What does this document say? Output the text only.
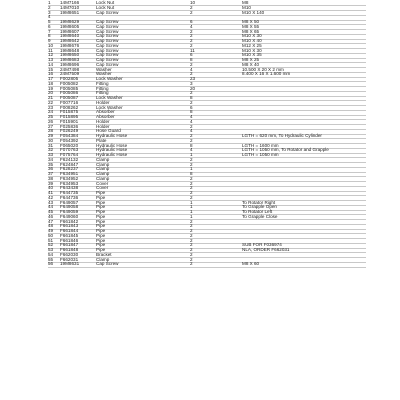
1 14M7166	Lock Nut	10	M8
2 14M7010	Lock Nut	2	M10
3 19M8651	Cap Screw	2	M10 X 140
4
5 19M8629	Cap Screw	6	M8 X 50
6 19M8605	Cap Screw	4	M8 X 55
7 19M8607	Cap Screw	2	M8 X 65
8 19M8640	Cap Screw	2	M10 X 30
9 19M8642	Cap Screw	2	M10 X 40
10 19M8676	Cap Screw	2	M12 X 25
11 19M8648	Cap Screw	11	M10 X 30
12 19M8650	Cap Screw	6	M10 X 35
13 19M8683	Cap Screw	8	M8 X 25
14 19M8696	Cap Screw	2	M8 X 40
15 24M7498	Washer	4	10.500 X 20 X 2 mm
16 24M7509	Washer	2	8.400 X 16 X 1.600 mm
17 F002805	Lock Washer	23
18 F005082	Fitting	3
19 F005085	Fitting	20
20 F005086	Fitting	2
21 F005087	Lock Washer	8
22 F007716	Holder	2
23 F008262	Lock Washer	6
24 F015875	Absorber	8
25 F015895	Absorber	4
26 F015901	Holder	4
27 F025836	Holder	2
28 F026249	Hose Guard	4
29 F054384	Hydraulic Hose	2	LGTH = 620 mm, To Hydraulic Cylinder
30 F054392	Plate	2
31 F065020	Hydraulic Hose	8	LGTH = 1600 mm
32 F070763	Hydraulic Hose	4	LGTH = 1050 mm, To Rotator and Grapple
33 F075764	Hydraulic Hose	1	LGTH = 1050 mm
34 F624132	Clamp	2
35 F624847	Clamp	2
36 F628237	Clamp	1
37 F634951	Clamp	8
38 F634952	Clamp	2
39 F634953	Cover	2
40 F643438	Cover	2
41 F644735	Pipe	2
42 F644736	Pipe	2
43 F649057	Pipe	1	To Rotator Right
44 F649058	Pipe	1	To Grapple Open
45 F649059	Pipe	1	To Rotator Left
46 F649060	Pipe	1	To Grapple Close
47 F661842	Pipe	2
48 F661843	Pipe	2
49 F661844	Pipe	2
50 F661845	Pipe	2
51 F661846	Pipe	2
52 F661847	Pipe	2	SUB FOR F036974
53 F661848	Pipe	2	NLA, ORDER F662031
54 F662030	Bracket	2
55 F662031	Clamp	2
56 19M8631	Cap Screw	2	M8 X 60
